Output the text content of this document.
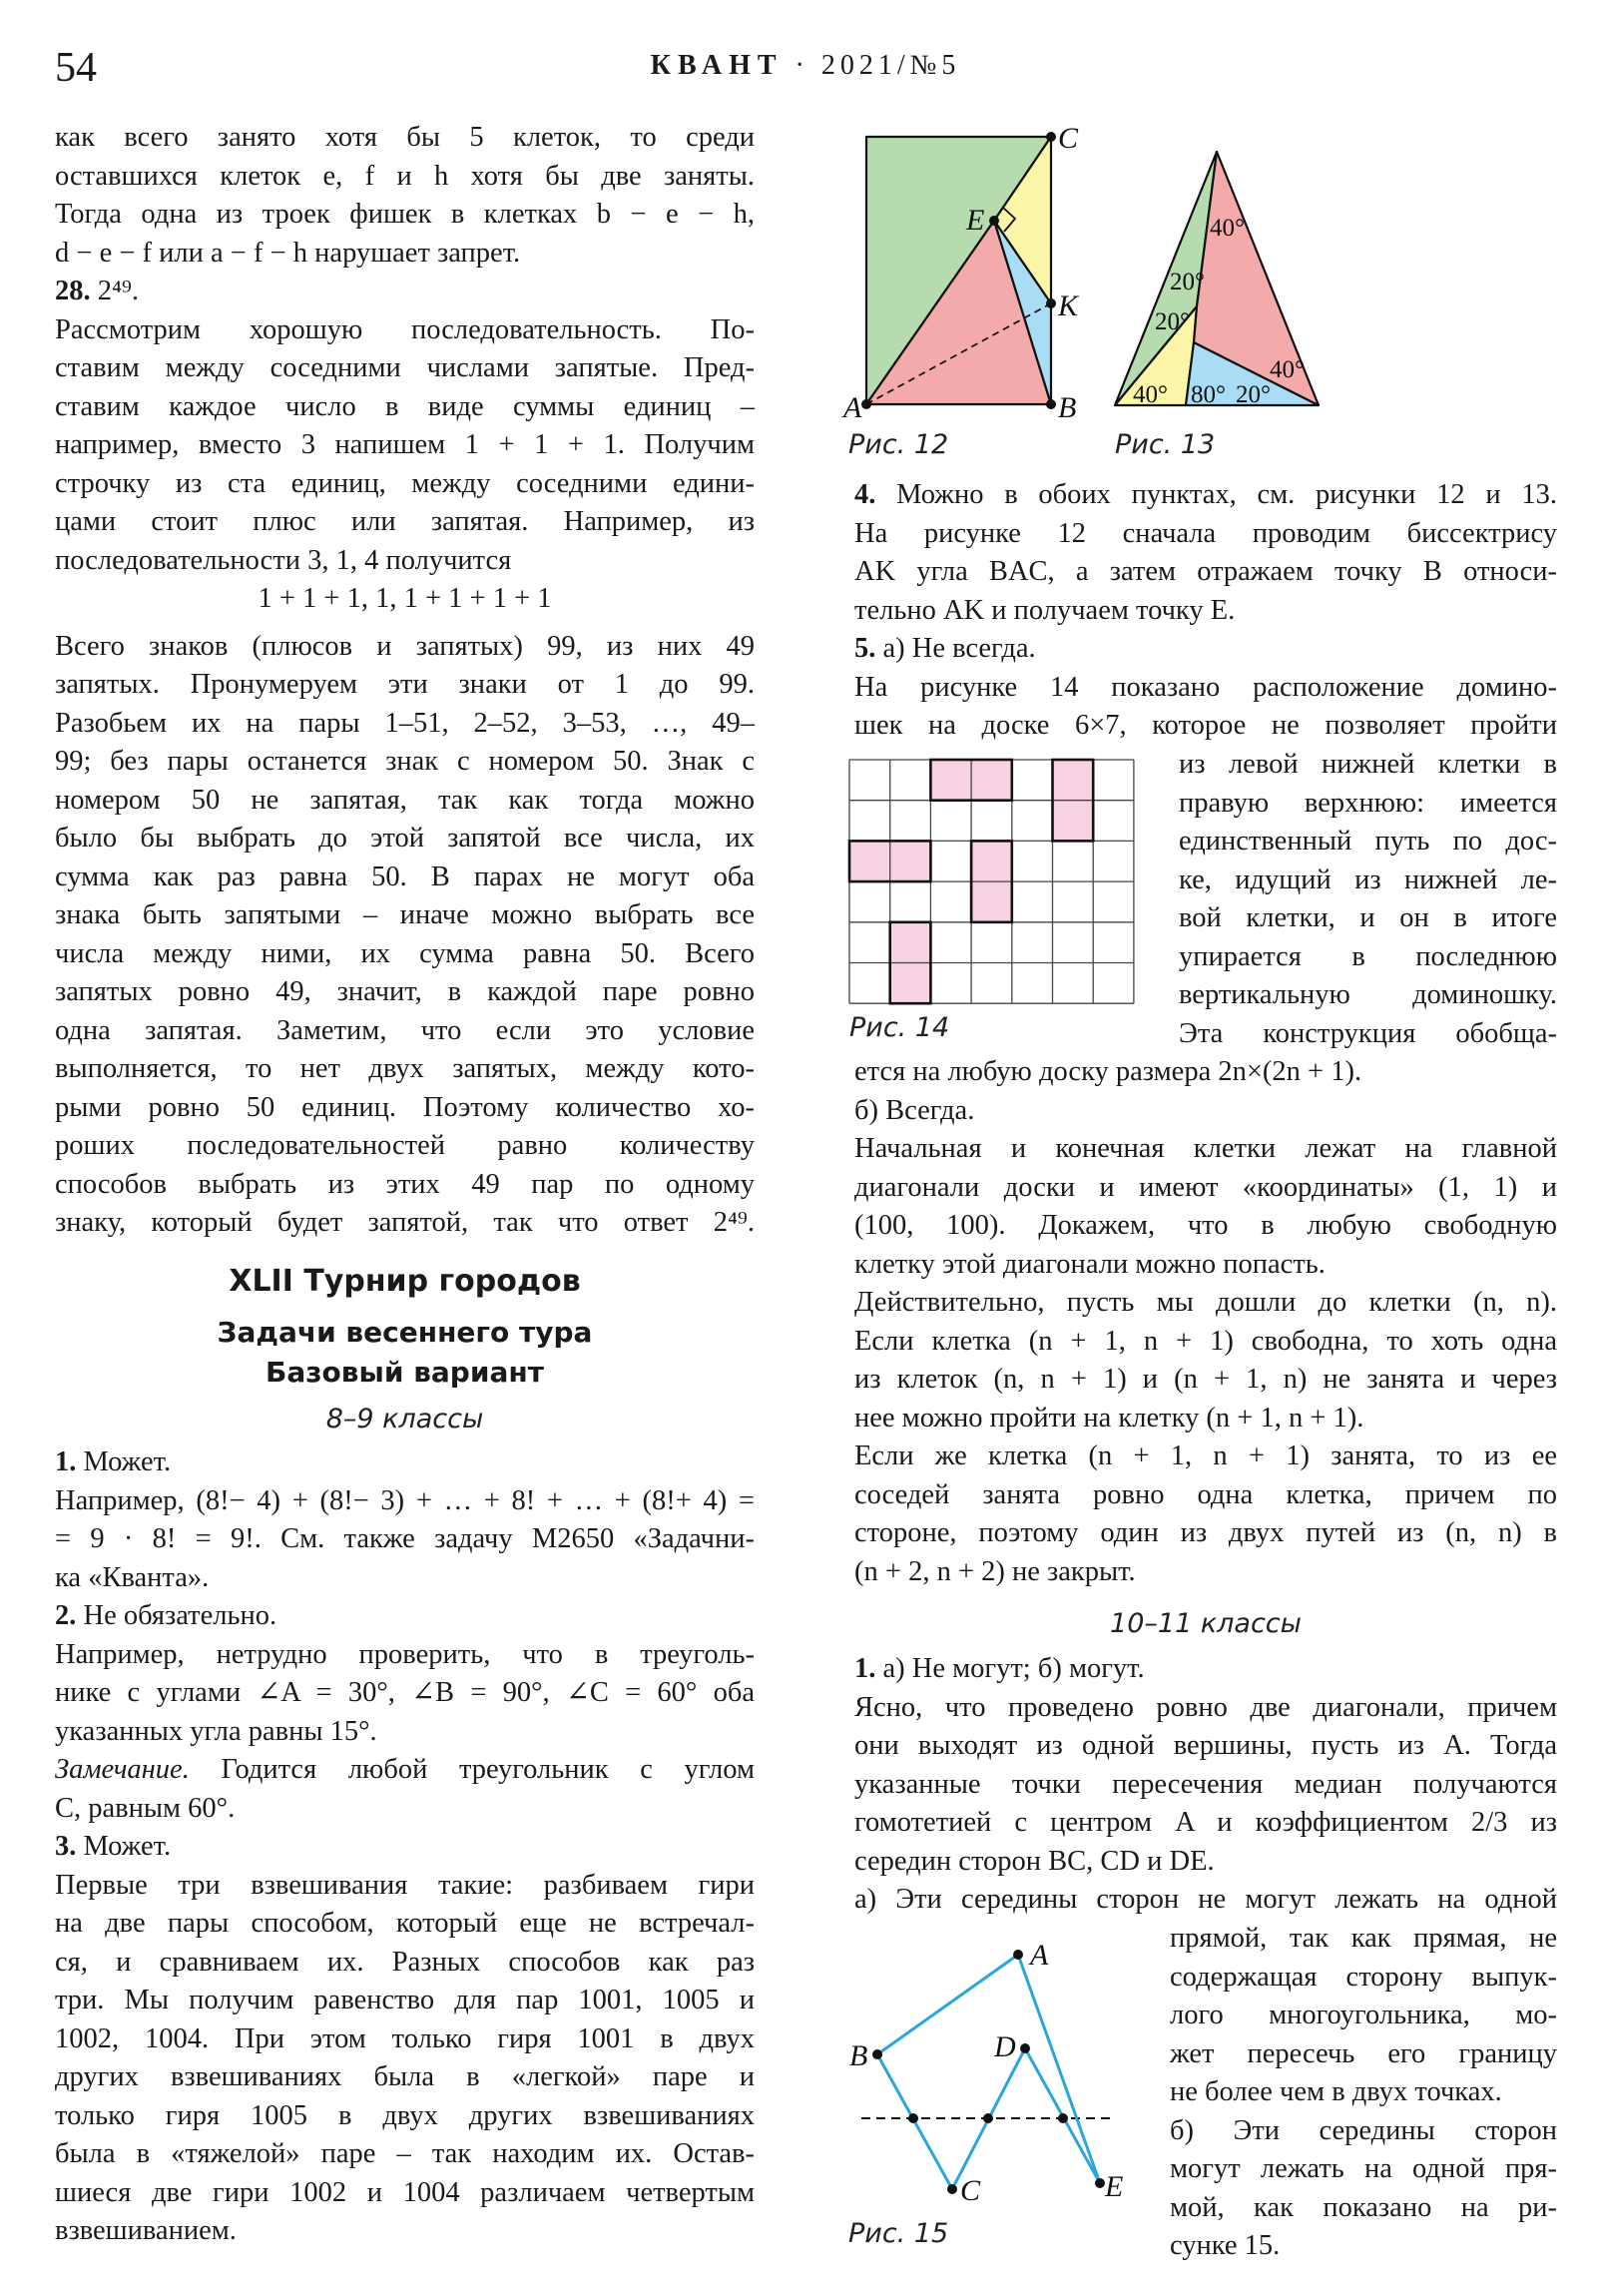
54	КВАНТ · 2021/№5
как всего занято хотя бы 5 клеток, то среди
оставшихся клеток e, f и h хотя бы две заняты.
Тогда одна из троек фишек в клетках b − e − h,
d − e − f или a − f − h нарушает запрет.
28. 2⁴⁹.
Рассмотрим хорошую последовательность. По-
ставим между соседними числами запятые. Пред-
ставим каждое число в виде суммы единиц –
например, вместо 3 напишем 1 + 1 + 1. Получим
строчку из ста единиц, между соседними едини-
цами стоит плюс или запятая. Например, из
последовательности 3, 1, 4 получится
1 + 1 + 1, 1, 1 + 1 + 1 + 1
Всего знаков (плюсов и запятых) 99, из них 49
запятых. Пронумеруем эти знаки от 1 до 99.
Разобьем их на пары 1–51, 2–52, 3–53, …, 49–
99; без пары останется знак с номером 50. Знак с
номером 50 не запятая, так как тогда можно
было бы выбрать до этой запятой все числа, их
сумма как раз равна 50. В парах не могут оба
знака быть запятыми – иначе можно выбрать все
числа между ними, их сумма равна 50. Всего
запятых ровно 49, значит, в каждой паре ровно
одна запятая. Заметим, что если это условие
выполняется, то нет двух запятых, между кото-
рыми ровно 50 единиц. Поэтому количество хо-
роших последовательностей равно количеству
способов выбрать из этих 49 пар по одному
знаку, который будет запятой, так что ответ 2⁴⁹.
XLII Турнир городов
Задачи весеннего тура
Базовый вариант
8–9 классы
1. Может.
Например, (8!− 4) + (8!− 3) + … + 8! + … + (8!+ 4) =
= 9 · 8! = 9!. См. также задачу М2650 «Задачни-
ка «Кванта».
2. Не обязательно.
Например, нетрудно проверить, что в треуголь-
нике с углами ∠A = 30°, ∠B = 90°, ∠C = 60° оба
указанных угла равны 15°.
Замечание. Годится любой треугольник с углом
C, равным 60°.
3. Может.
Первые три взвешивания такие: разбиваем гири
на две пары способом, который еще не встречал-
ся, и сравниваем их. Разных способов как раз
три. Мы получим равенство для пар 1001, 1005 и
1002, 1004. При этом только гиря 1001 в двух
других взвешиваниях была в «легкой» паре и
только гиря 1005 в двух других взвешиваниях
была в «тяжелой» паре – так находим их. Остав-
шиеся две гири 1002 и 1004 различаем четвертым
взвешиванием.
4. Можно в обоих пунктах, см. рисунки 12 и 13.
На рисунке 12 сначала проводим биссектрису
AK угла BAC, а затем отражаем точку B относи-
тельно AK и получаем точку E.
5. а) Не всегда.
На рисунке 14 показано расположение домино-
шек на доске 6×7, которое не позволяет пройти
из левой нижней клетки в
правую верхнюю: имеется
единственный путь по дос-
ке, идущий из нижней ле-
вой клетки, и он в итоге
упирается в последнюю
вертикальную доминошку.
Эта конструкция обобща-
ется на любую доску размера 2n×(2n + 1).
б) Всегда.
Начальная и конечная клетки лежат на главной
диагонали доски и имеют «координаты» (1, 1) и
(100, 100). Докажем, что в любую свободную
клетку этой диагонали можно попасть.
Действительно, пусть мы дошли до клетки (n, n).
Если клетка (n + 1, n + 1) свободна, то хоть одна
из клеток (n, n + 1) и (n + 1, n) не занята и через
нее можно пройти на клетку (n + 1, n + 1).
Если же клетка (n + 1, n + 1) занята, то из ее
соседей занята ровно одна клетка, причем по
стороне, поэтому один из двух путей из (n, n) в
(n + 2, n + 2) не закрыт.
10–11 классы
1. а) Не могут; б) могут.
Ясно, что проведено ровно две диагонали, причем
они выходят из одной вершины, пусть из A. Тогда
указанные точки пересечения медиан получаются
гомотетией с центром A и коэффициентом 2/3 из
середин сторон BC, CD и DE.
а) Эти середины сторон не могут лежать на одной
прямой, так как прямая, не
содержащая сторону выпук-
лого многоугольника, мо-
жет пересечь его границу
не более чем в двух точках.
б) Эти середины сторон
могут лежать на одной пря-
мой, как показано на ри-
сунке 15.
A	B
C
E
K
40°
20°
20°
40° 80° 20°
40°
A
B
C
D
E
Рис. 12	Рис. 13
Рис. 14
Рис. 15
